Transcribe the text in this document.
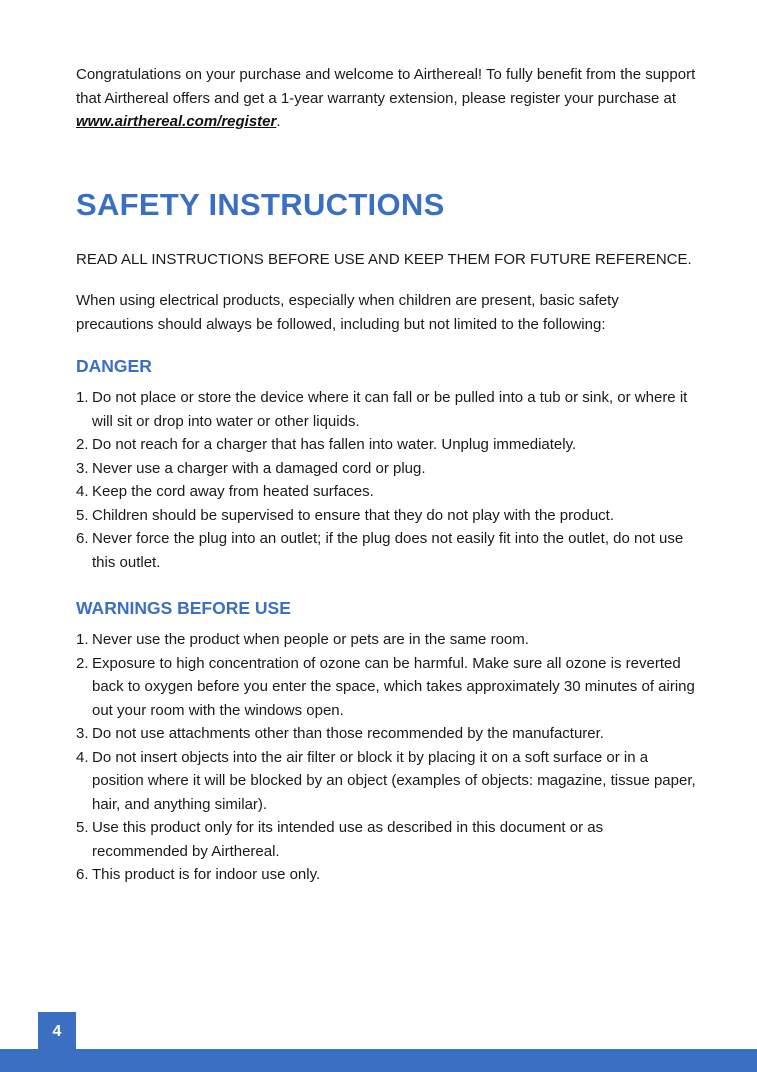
Congratulations on your purchase and welcome to Airthereal! To fully benefit from the support that Airthereal offers and get a 1-year warranty extension, please register your purchase at www.airthereal.com/register.

SAFETY INSTRUCTIONS

READ ALL INSTRUCTIONS BEFORE USE AND KEEP THEM FOR FUTURE REFERENCE.

When using electrical products, especially when children are present, basic safety precautions should always be followed, including but not limited to the following:

DANGER
1. Do not place or store the device where it can fall or be pulled into a tub or sink, or where it will sit or drop into water or other liquids.
2. Do not reach for a charger that has fallen into water. Unplug immediately.
3. Never use a charger with a damaged cord or plug.
4. Keep the cord away from heated surfaces.
5. Children should be supervised to ensure that they do not play with the product.
6. Never force the plug into an outlet; if the plug does not easily fit into the outlet, do not use this outlet.
WARNINGS BEFORE USE
1. Never use the product when people or pets are in the same room.
2. Exposure to high concentration of ozone can be harmful. Make sure all ozone is reverted back to oxygen before you enter the space, which takes approximately 30 minutes of airing out your room with the windows open.
3. Do not use attachments other than those recommended by the manufacturer.
4. Do not insert objects into the air filter or block it by placing it on a soft surface or in a position where it will be blocked by an object (examples of objects: magazine, tissue paper, hair, and anything similar).
5. Use this product only for its intended use as described in this document or as recommended by Airthereal.
6. This product is for indoor use only.
4
